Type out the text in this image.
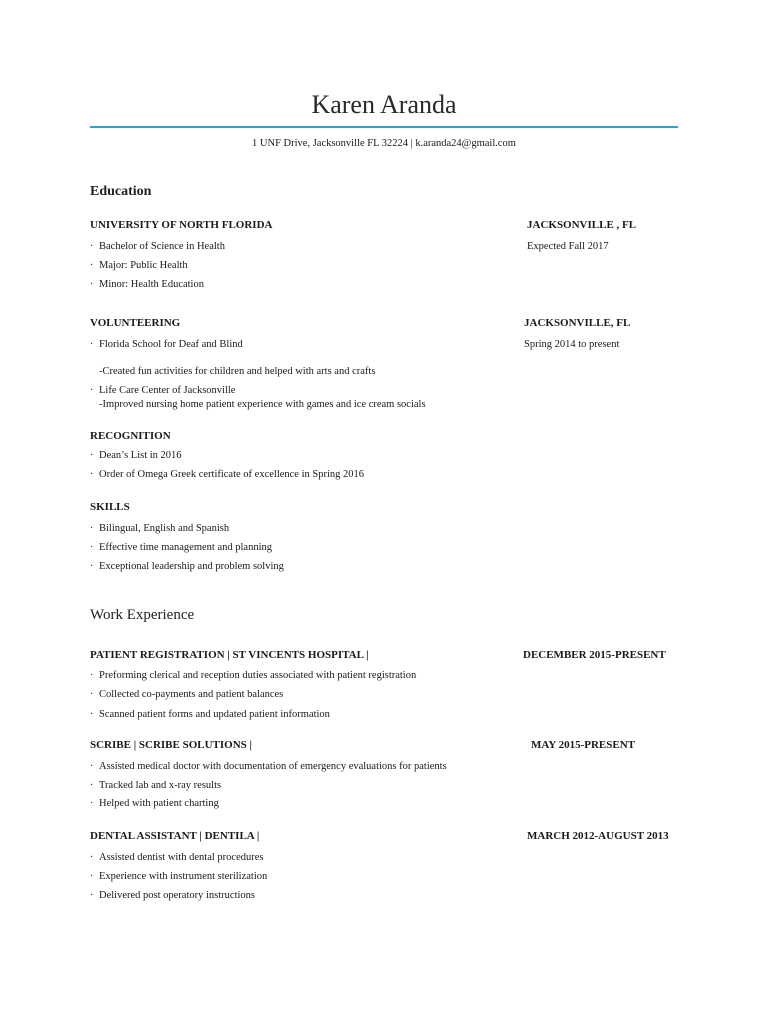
Karen Aranda
1 UNF Drive, Jacksonville FL 32224 | k.aranda24@gmail.com
Education
UNIVERSITY OF NORTH FLORIDA	JACKSONVILLE , FL
· Bachelor of Science in Health	Expected Fall 2017
· Major: Public Health
· Minor: Health Education
VOLUNTEERING	JACKSONVILLE, FL
· Florida School for Deaf and Blind	Spring 2014 to present
-Created fun activities for children and helped with arts and crafts
· Life Care Center of Jacksonville
-Improved nursing home patient experience with games and ice cream socials
RECOGNITION
· Dean’s List in 2016
· Order of Omega Greek certificate of excellence in Spring 2016
SKILLS
· Bilingual, English and Spanish
· Effective time management and planning
· Exceptional leadership and problem solving
Work Experience
PATIENT REGISTRATION | ST VINCENTS HOSPITAL |	DECEMBER 2015-PRESENT
· Preforming clerical and reception duties associated with patient registration
· Collected co-payments and patient balances
· Scanned patient forms and updated patient information
SCRIBE | SCRIBE SOLUTIONS |	MAY 2015-PRESENT
· Assisted medical doctor with documentation of emergency evaluations for patients
· Tracked lab and x-ray results
· Helped with patient charting
DENTAL ASSISTANT | DENTILA |	MARCH 2012-AUGUST 2013
· Assisted dentist with dental procedures
· Experience with instrument sterilization
· Delivered post operatory instructions
